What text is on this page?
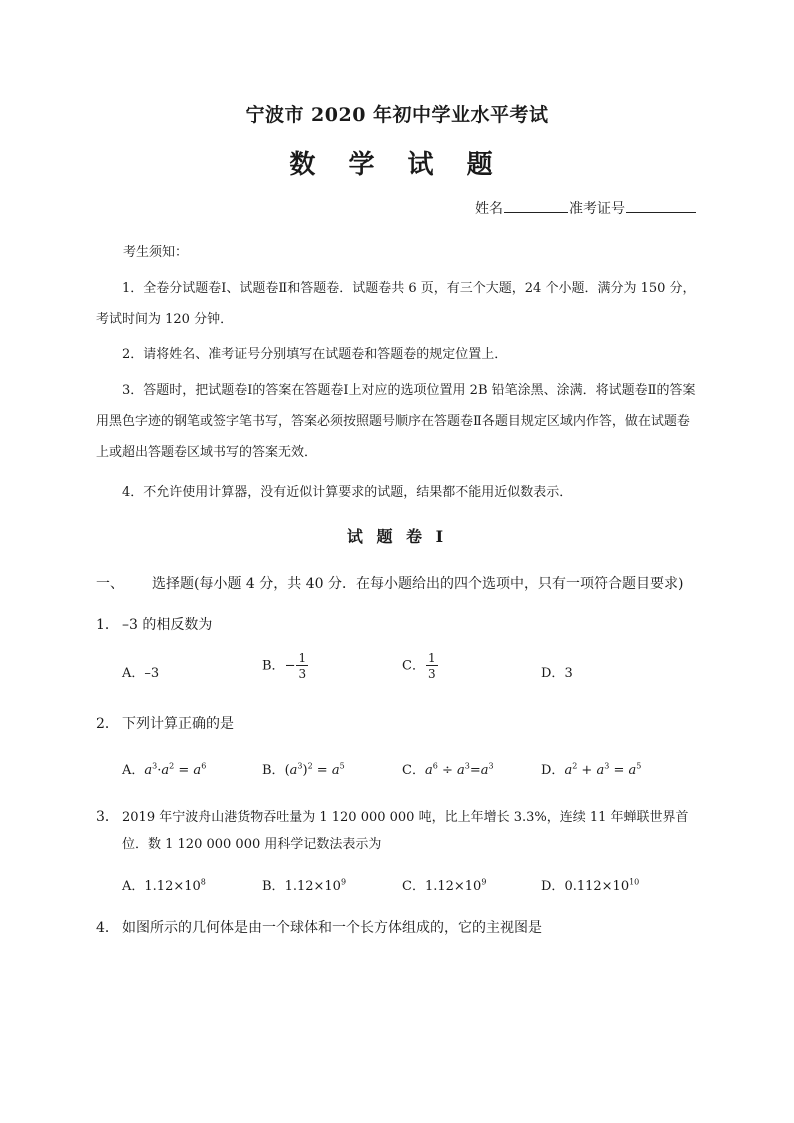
宁波市 2020 年初中学业水平考试
数 学 试 题
姓名	准考证号
考生须知：
1．全卷分试题卷Ⅰ、试题卷Ⅱ和答题卷．试题卷共 6 页，有三个大题，24 个小题．满分为 150 分，考试时间为 120 分钟．
2．请将姓名、准考证号分别填写在试题卷和答题卷的规定位置上．
3．答题时，把试题卷Ⅰ的答案在答题卷Ⅰ上对应的选项位置用 2B 铅笔涂黑、涂满．将试题卷Ⅱ的答案用黑色字迹的钢笔或签字笔书写，答案必须按照题号顺序在答题卷Ⅱ各题目规定区域内作答，做在试题卷上或超出答题卷区域书写的答案无效．
4．不允许使用计算器，没有近似计算要求的试题，结果都不能用近似数表示．
试 题 卷 I
一、 选择题(每小题 4 分，共 40 分．在每小题给出的四个选项中，只有一项符合题目要求)
1． –3 的相反数为
A．–3	B．− $\frac{1}{3}$	C． $\frac{1}{3}$	D．3
2． 下列计算正确的是
A．$a^3\cdot a^2 = a^6$	B．$(a^3)^2 = a^5$	C．$a^6 \div a^3=a^3$	D．$a^2 + a^3 = a^5$
3． 2019 年宁波舟山港货物吞吐量为 1 120 000 000 吨，比上年增长 3.3%，连续 11 年蝉联世界首
位．数 1 120 000 000 用科学记数法表示为
A．$1.12\times 10^8$	B．$1.12\times 10^9$	C．$1.12\times 10^9$	D．$0.112\times 10^{10}$
4． 如图所示的几何体是由一个球体和一个长方体组成的，它的主视图是
